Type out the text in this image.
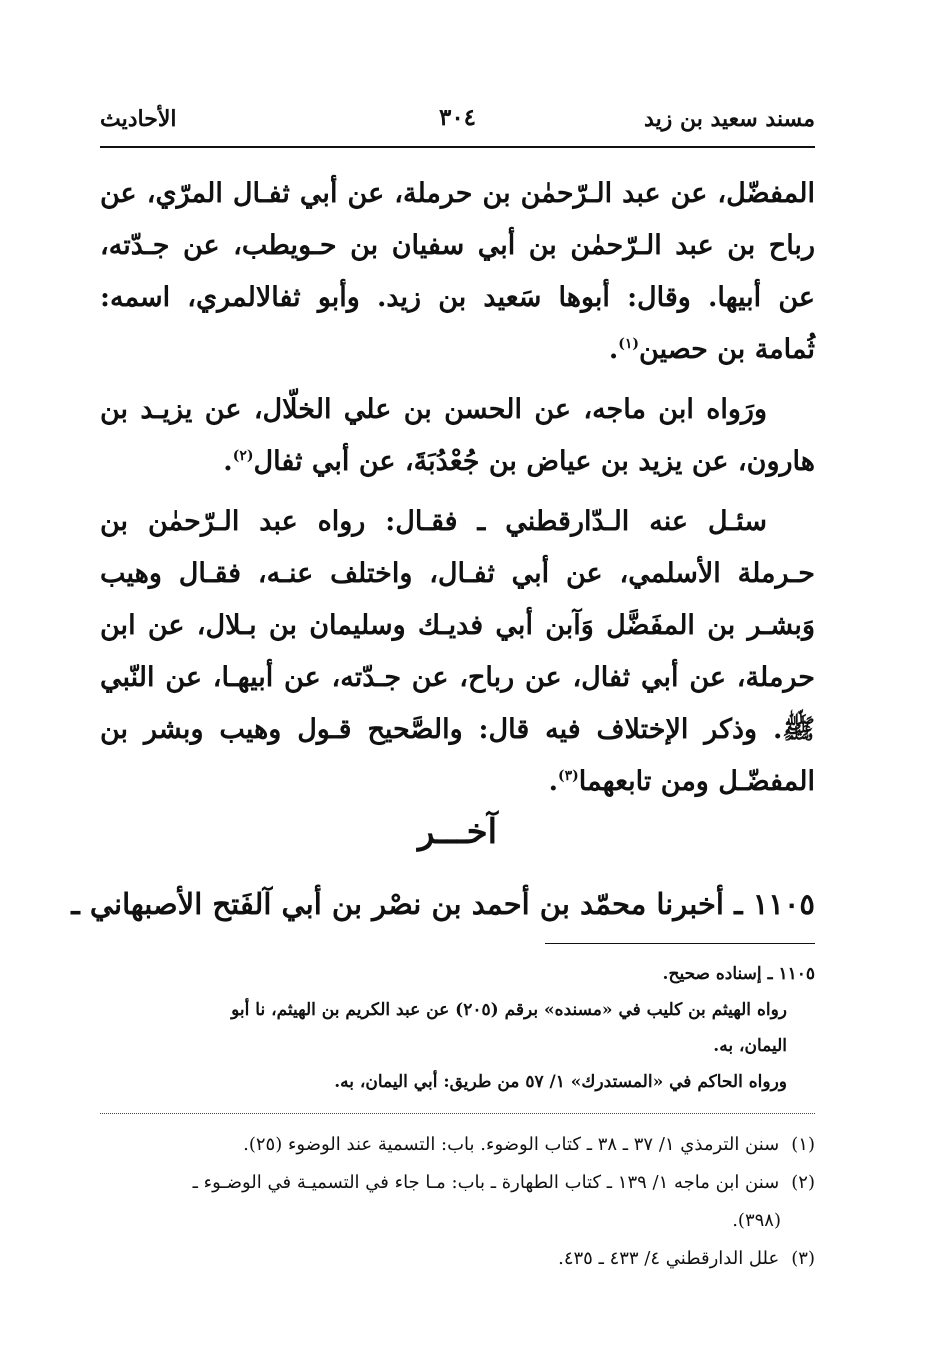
مسند سعيد بن زيد
٣٠٤
الأحاديث

المفضّل، عن عبد الـرّحمٰن بن حرملة، عن أبي ثفـال المرّي، عن رباح بن عبد الـرّحمٰن بن أبي سفيان بن حـويطب، عن جـدّته، عن أبيها. وقال: أبوها سَعيد بن زيد. وأبو ثفالالمري، اسمه: ثُمامة بن حصين$^{(١)}$.

ورَواه ابن ماجه، عن الحسن بن علي الخلّال، عن يزيـد بن هارون، عن يزيد بن عياض بن جُعْدُبَةَ، عن أبي ثفال$^{(٢)}$.

سئـل عنه الـدّارقطني ـ فقـال: رواه عبد الـرّحمٰن بن حـرملة الأسلمي، عن أبي ثفـال، واختلف عنـه، فقـال وهيب وَبشـر بن المفَضَّل وَآبن أبي فديـك وسليمان بن بـلال، عن ابن حرملة، عن أبي ثفال، عن رباح، عن جـدّته، عن أبيهـا، عن النّبي ﷺ. وذكر الإختلاف فيه قال: والصَّحيح قـول وهيب وبشر بن المفضّـل ومن تابعهما$^{(٣)}$.

آخـــر
١١٠٥ ـ أخبرنا محمّد بن أحمد بن نصْر بن أبي آلفَتح الأصبهاني ـ

١١٠٥ ـ إسناده صحيح.

رواه الهيثم بن كليب في «مسنده» برقم (٢٠٥) عن عبد الكريم بن الهيثم، نا أبو

اليمان، به.

ورواه الحاكم في «المستدرك» ١/ ٥٧ من طريق: أبي اليمان، به.

(١) سنن الترمذي ١/ ٣٧ ـ ٣٨ ـ كتاب الوضوء. باب: التسمية عند الوضوء (٢٥).

(٢) سنن ابن ماجه ١/ ١٣٩ ـ كتاب الطهارة ـ باب: مـا جاء في التسميـة في الوضـوء ـ

(٣٩٨).

(٣) علل الدارقطني ٤/ ٤٣٣ ـ ٤٣٥.
